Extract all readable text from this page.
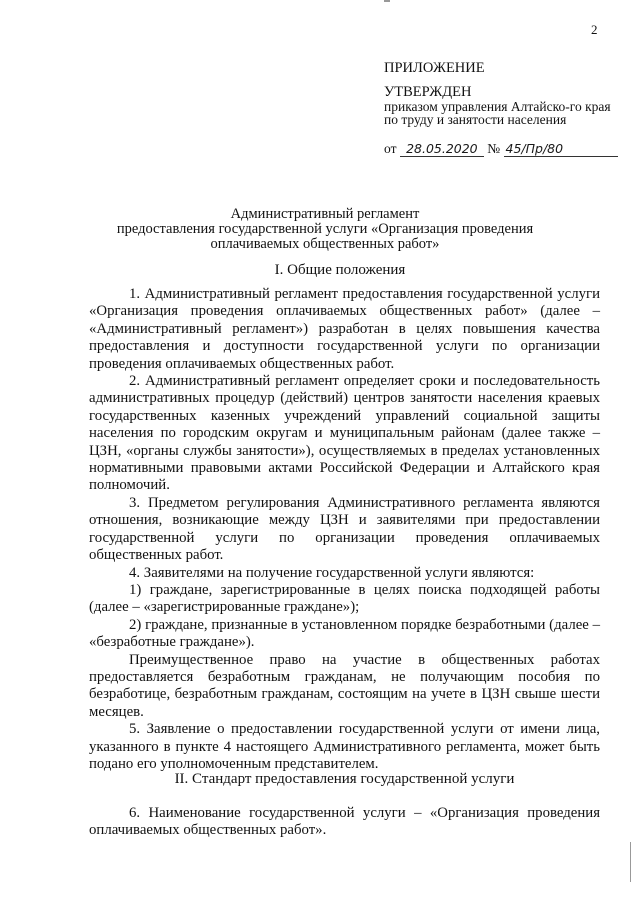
2
ПРИЛОЖЕНИЕ
УТВЕРЖДЕН
приказом управления Алтайско-го края по труду и занятости населения
от 28.05.2020 № 45/Пр/80
Административный регламент
предоставления государственной услуги «Организация проведения
оплачиваемых общественных работ»
I. Общие положения

1. Административный регламент предоставления государственной услуги «Организация проведения оплачиваемых общественных работ» (далее – «Административный регламент») разработан в целях повышения качества предоставления и доступности государственной услуги по организации проведения оплачиваемых общественных работ.

2. Административный регламент определяет сроки и последовательность административных процедур (действий) центров занятости населения краевых государственных казенных учреждений управлений социальной защиты населения по городским округам и муниципальным районам (далее также – ЦЗН, «органы службы занятости»), осуществляемых в пределах установленных нормативными правовыми актами Российской Федерации и Алтайского края полномочий.

3. Предметом регулирования Административного регламента являются отношения, возникающие между ЦЗН и заявителями при предоставлении государственной услуги по организации проведения оплачиваемых общественных работ.

4. Заявителями на получение государственной услуги являются:

1) граждане, зарегистрированные в целях поиска подходящей работы (далее – «зарегистрированные граждане»);

2) граждане, признанные в установленном порядке безработными (далее – «безработные граждане»).

Преимущественное право на участие в общественных работах предоставляется безработным гражданам, не получающим пособия по безработице, безработным гражданам, состоящим на учете в ЦЗН свыше шести месяцев.

5. Заявление о предоставлении государственной услуги от имени лица, указанного в пункте 4 настоящего Административного регламента, может быть подано его уполномоченным представителем.

II. Стандарт предоставления государственной услуги

6. Наименование государственной услуги – «Организация проведения оплачиваемых общественных работ».
